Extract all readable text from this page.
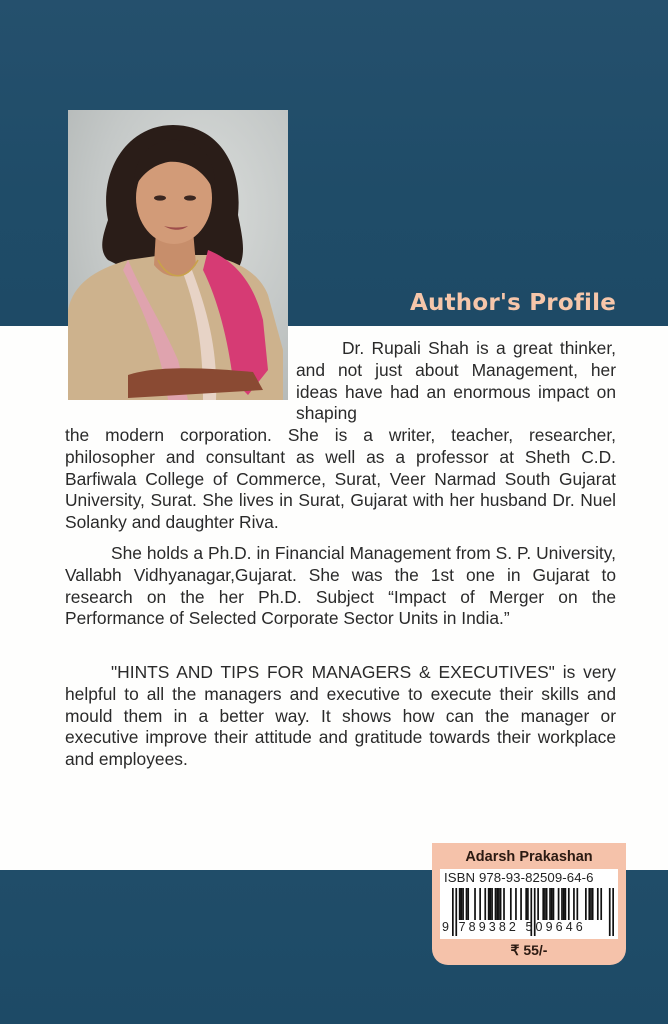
Author's Profile

Dr. Rupali Shah is a great thinker, and not just about Management, her ideas have had an enormous impact on shaping

the modern corporation. She is a writer, teacher, researcher, philosopher and consultant as well as a professor at Sheth C.D. Barfiwala College of Commerce, Surat, Veer Narmad South Gujarat University, Surat. She lives in Surat, Gujarat with her husband Dr. Nuel Solanky and daughter Riva.

She holds a Ph.D. in Financial Management from S. P. University, Vallabh Vidhyanagar,Gujarat. She was the 1st one in Gujarat to research on the her Ph.D. Subject “Impact of Merger on the Performance of Selected Corporate Sector Units in India.”

"HINTS AND TIPS FOR MANAGERS & EXECUTIVES" is very helpful to all the managers and executive to execute their skills and mould them in a better way. It shows how can the manager or executive improve their attitude and gratitude towards their workplace and employees.

Adarsh Prakashan
ISBN 978-93-82509-64-6
9 789382 509646
₹ 55/-
